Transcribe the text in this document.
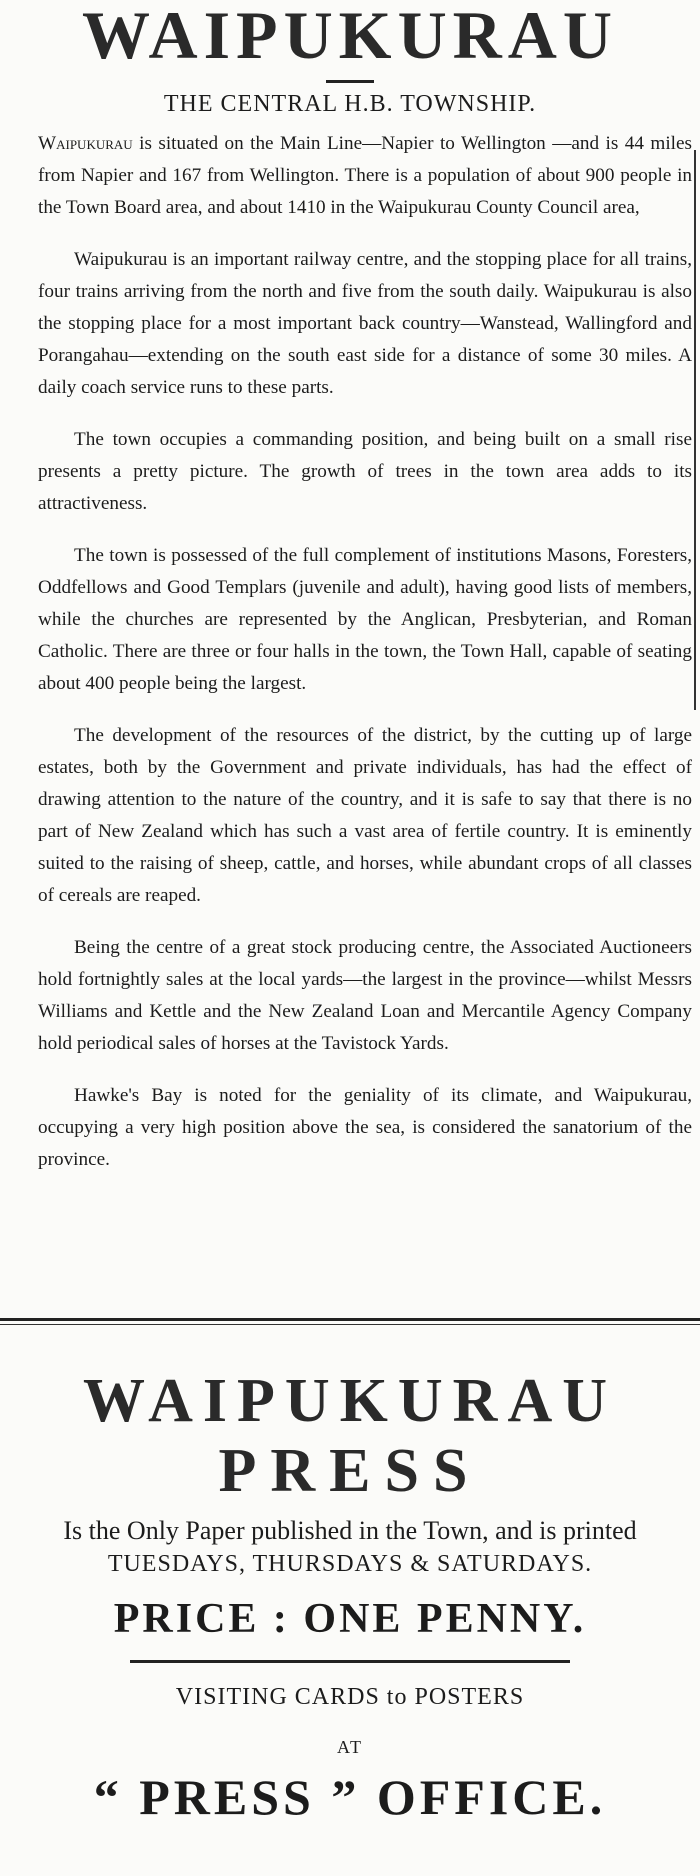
WAIPUKURAU
THE CENTRAL H.B. TOWNSHIP.

Waipukurau is situated on the Main Line—Napier to Wellington —and is 44 miles from Napier and 167 from Wellington. There is a population of about 900 people in the Town Board area, and about 1410 in the Waipukurau County Council area,

Waipukurau is an important railway centre, and the stopping place for all trains, four trains arriving from the north and five from the south daily. Waipukurau is also the stopping place for a most important back country—Wanstead, Wallingford and Porangahau—extending on the south east side for a distance of some 30 miles. A daily coach service runs to these parts.

The town occupies a commanding position, and being built on a small rise presents a pretty picture. The growth of trees in the town area adds to its attractiveness.

The town is possessed of the full complement of institutions Masons, Foresters, Oddfellows and Good Templars (juvenile and adult), having good lists of members, while the churches are represented by the Anglican, Presbyterian, and Roman Catholic. There are three or four halls in the town, the Town Hall, capable of seating about 400 people being the largest.

The development of the resources of the district, by the cutting up of large estates, both by the Government and private individuals, has had the effect of drawing attention to the nature of the country, and it is safe to say that there is no part of New Zealand which has such a vast area of fertile country. It is eminently suited to the raising of sheep, cattle, and horses, while abundant crops of all classes of cereals are reaped.

Being the centre of a great stock producing centre, the Associated Auctioneers hold fortnightly sales at the local yards—the largest in the province—whilst Messrs Williams and Kettle and the New Zealand Loan and Mercantile Agency Company hold periodical sales of horses at the Tavistock Yards.

Hawke's Bay is noted for the geniality of its climate, and Waipukurau, occupying a very high position above the sea, is considered the sanatorium of the province.

WAIPUKURAU

PRESS

Is the Only Paper published in the Town, and is printed

TUESDAYS, THURSDAYS & SATURDAYS.

PRICE : ONE PENNY.

VISITING CARDS to POSTERS

AT

“ PRESS ” OFFICE.
